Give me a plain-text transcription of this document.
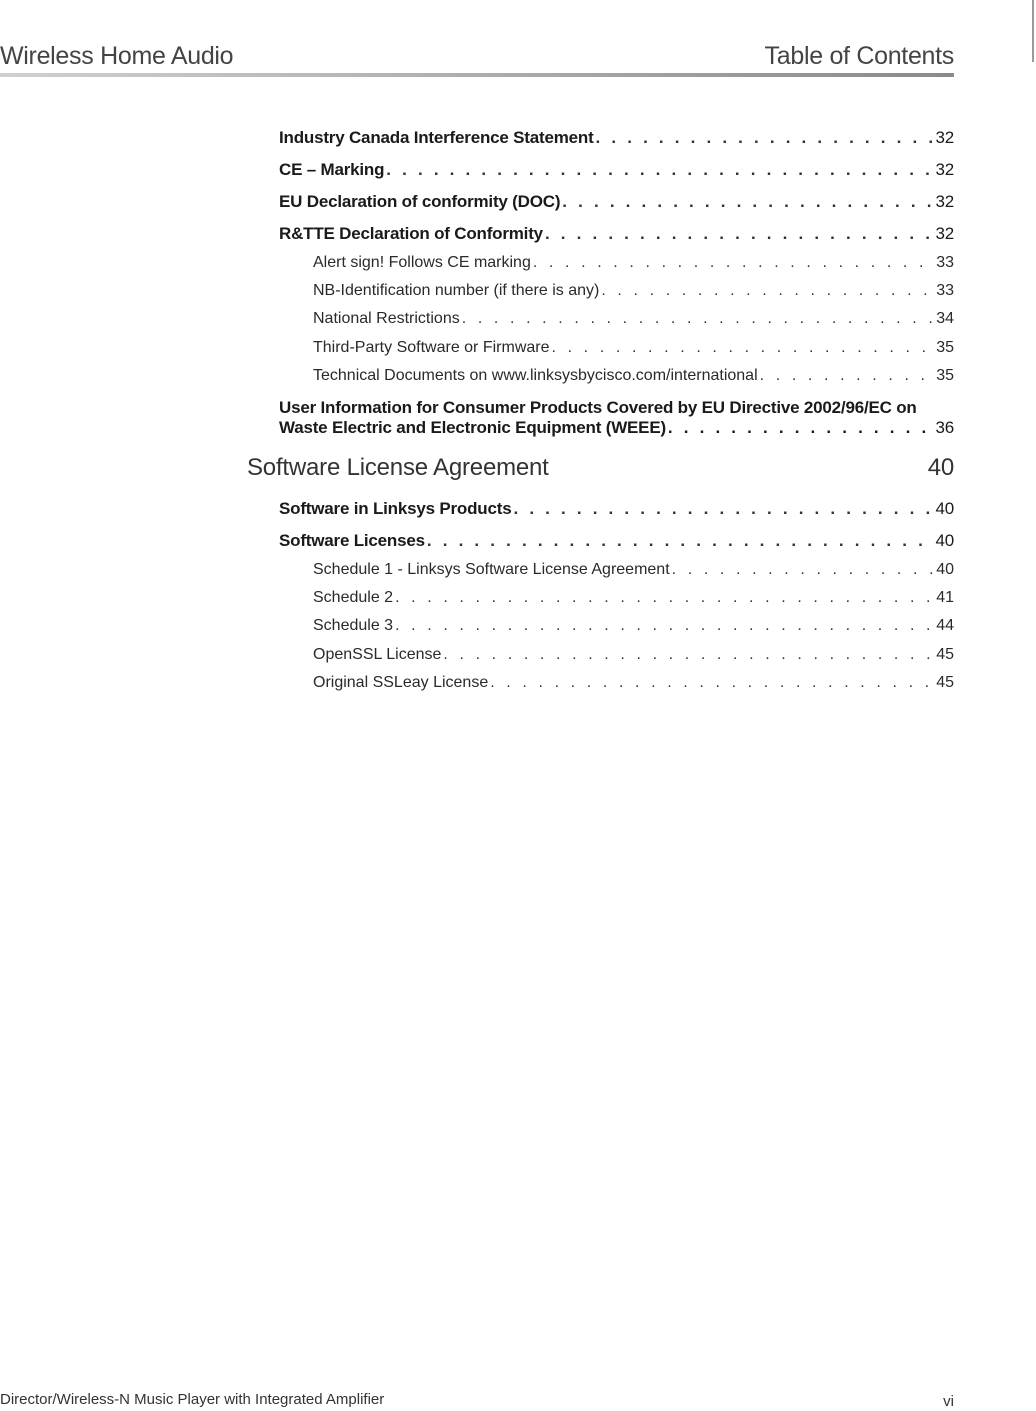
Wireless Home Audio	Table of Contents
Industry Canada Interference Statement . . .	32
CE – Marking . . .	32
EU Declaration of conformity (DOC) . . .	32
R&TTE Declaration of Conformity . . .	32
Alert sign! Follows CE marking . . .	33
NB-Identification number (if there is any) . . .	33
National Restrictions . . .	34
Third-Party Software or Firmware . . .	35
Technical Documents on www.linksysbycisco.com/international . . .	35
User Information for Consumer Products Covered by EU Directive 2002/96/EC on
Waste Electric and Electronic Equipment (WEEE) . . .	36
Software License Agreement	40
Software in Linksys Products . . .	40
Software Licenses . . .	40
Schedule 1 - Linksys Software License Agreement . . .	40
Schedule 2 . . .	41
Schedule 3 . . .	44
OpenSSL License . . .	45
Original SSLeay License . . .	45
Director/Wireless-N Music Player with Integrated Amplifier	vi
